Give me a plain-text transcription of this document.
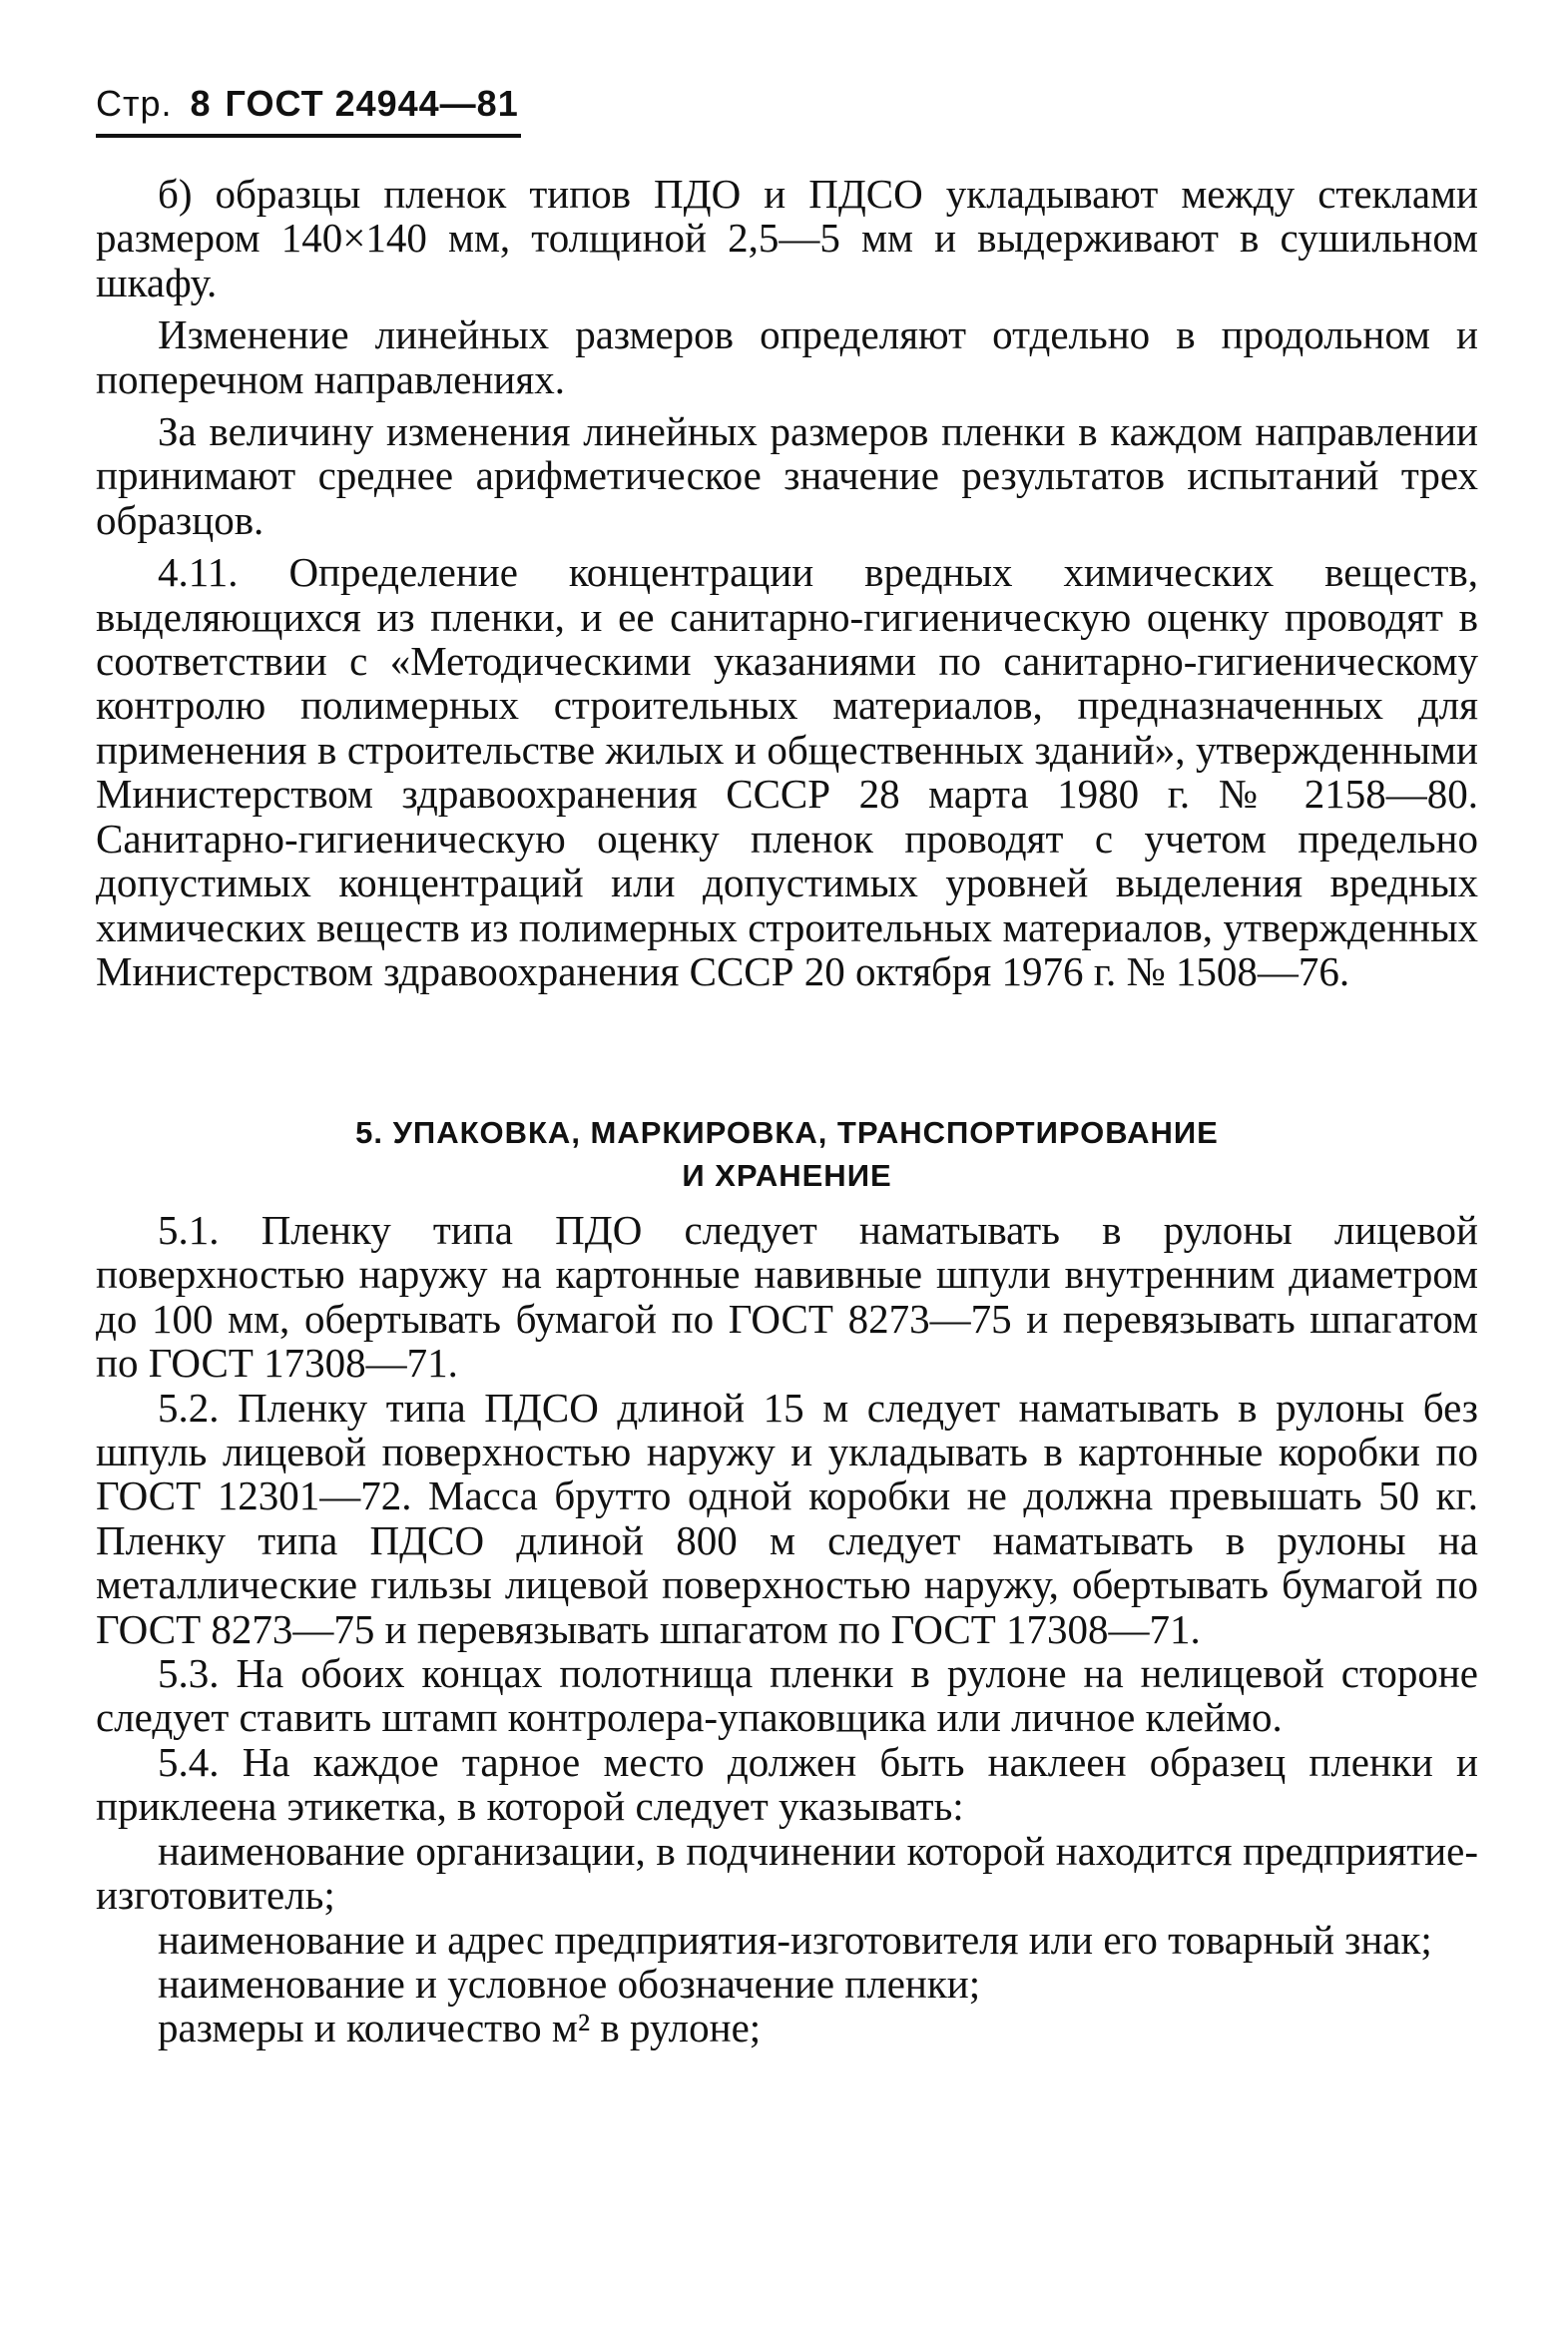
Стр. 8 ГОСТ 24944—81

б) образцы пленок типов ПДО и ПДСО укладывают между стеклами размером 140×140 мм, толщиной 2,5—5 мм и выдерживают в сушильном шкафу.

Изменение линейных размеров определяют отдельно в продольном и поперечном направлениях.

За величину изменения линейных размеров пленки в каждом направлении принимают среднее арифметическое значение результатов испытаний трех образцов.

4.11. Определение концентрации вредных химических веществ, выделяющихся из пленки, и ее санитарно-гигиеническую оценку проводят в соответствии с «Методическими указаниями по санитарно-гигиеническому контролю полимерных строительных материалов, предназначенных для применения в строительстве жилых и общественных зданий», утвержденными Министерством здравоохранения СССР 28 марта 1980 г. № 2158—80. Санитарно-гигиеническую оценку пленок проводят с учетом предельно допустимых концентраций или допустимых уровней выделения вредных химических веществ из полимерных строительных материалов, утвержденных Министерством здравоохранения СССР 20 октября 1976 г. № 1508—76.

5. УПАКОВКА, МАРКИРОВКА, ТРАНСПОРТИРОВАНИЕ
И ХРАНЕНИЕ

5.1. Пленку типа ПДО следует наматывать в рулоны лицевой поверхностью наружу на картонные навивные шпули внутренним диаметром до 100 мм, обертывать бумагой по ГОСТ 8273—75 и перевязывать шпагатом по ГОСТ 17308—71.

5.2. Пленку типа ПДСО длиной 15 м следует наматывать в рулоны без шпуль лицевой поверхностью наружу и укладывать в картонные коробки по ГОСТ 12301—72. Масса брутто одной коробки не должна превышать 50 кг. Пленку типа ПДСО длиной 800 м следует наматывать в рулоны на металлические гильзы лицевой поверхностью наружу, обертывать бумагой по ГОСТ 8273—75 и перевязывать шпагатом по ГОСТ 17308—71.

5.3. На обоих концах полотнища пленки в рулоне на нелицевой стороне следует ставить штамп контролера-упаковщика или личное клеймо.

5.4. На каждое тарное место должен быть наклеен образец пленки и приклеена этикетка, в которой следует указывать:

наименование организации, в подчинении которой находится предприятие-изготовитель;

наименование и адрес предприятия-изготовителя или его товарный знак;

наименование и условное обозначение пленки;

размеры и количество м² в рулоне;
